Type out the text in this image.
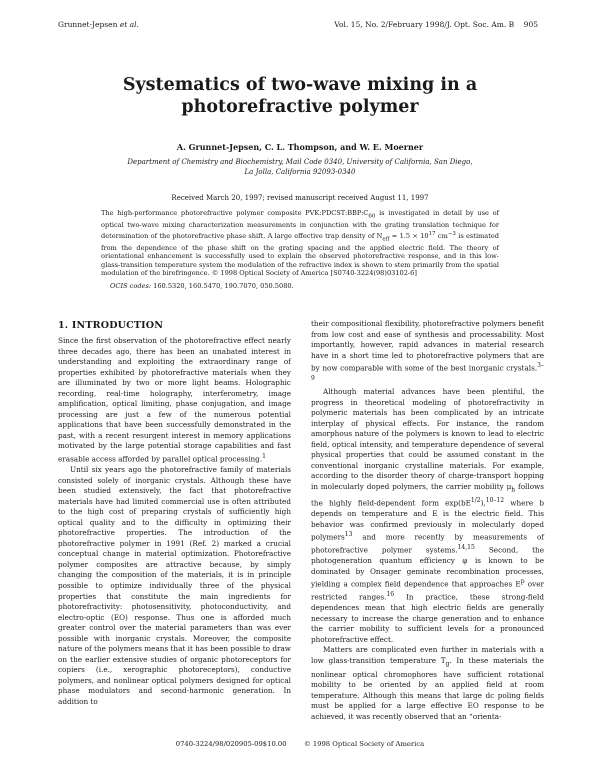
Grunnet-Jepsen et al.	Vol. 15, No. 2/February 1998/J. Opt. Soc. Am. B 905
Systematics of two-wave mixing in a
photorefractive polymer
A. Grunnet-Jepsen, C. L. Thompson, and W. E. Moerner
Department of Chemistry and Biochemistry, Mail Code 0340, University of California, San Diego,
La Jolla, California 92093-0340
Received March 20, 1997; revised manuscript received August 11, 1997
The high-performance photorefractive polymer composite $PVK:PDCST:BBP:C_{60}$ is investigated in detail by use of optical two-wave mixing characterization measurements in conjunction with the grating translation technique for determination of the photorefractive phase shift. A large effective trap density of $N_{eff} = 1.5 \times 10^{17}$ $cm^{-3}$ is estimated from the dependence of the phase shift on the grating spacing and the applied electric field. The theory of orientational enhancement is successfully used to explain the observed photorefractive response, and in this low-glass-transition temperature system the modulation of the refractive index is shown to stem primarily from the spatial modulation of the birefringence. © 1998 Optical Society of America [S0740-3224(98)03102-6]
OCIS codes: 160.5320, 160.5470, 190.7070, 050.5080.
1. INTRODUCTION

Since the first observation of the photorefractive effect nearly three decades ago, there has been an unabated interest in understanding and exploiting the extraordinary range of properties exhibited by photorefractive materials when they are illuminated by two or more light beams. Holographic recording, real-time holography, interferometry, image amplification, optical limiting, phase conjugation, and image processing are just a few of the numerous potential applications that have been successfully demonstrated in the past, with a recent resurgent interest in memory applications motivated by the large potential storage capabilities and fast erasable access afforded by parallel optical processing.$^1$

Until six years ago the photorefractive family of materials consisted solely of inorganic crystals. Although these have been studied extensively, the fact that photorefractive materials have had limited commercial use is often attributed to the high cost of preparing crystals of sufficiently high optical quality and to the difficulty in optimizing their photorefractive properties. The introduction of the photorefractive polymer in 1991 (Ref. 2) marked a crucial conceptual change in material optimization. Photorefractive polymer composites are attractive because, by simply changing the composition of the materials, it is in principle possible to optimize individually three of the physical properties that constitute the main ingredients for photorefractivity: photosensitivity, photoconductivity, and electro-optic (EO) response. Thus one is afforded much greater control over the material parameters than was ever possible with inorganic crystals. Moreover, the composite nature of the polymers means that it has been possible to draw on the earlier extensive studies of organic photoreceptors for copiers (i.e., xerographic photoreceptors), conductive polymers, and nonlinear optical polymers designed for optical phase modulators and second-harmonic generation. In addition to

their compositional flexibility, photorefractive polymers benefit from low cost and ease of synthesis and processability. Most importantly, however, rapid advances in material research have in a short time led to photorefractive polymers that are by now comparable with some of the best inorganic crystals.$^{3-9}$

Although material advances have been plentiful, the progress in theoretical modeling of photorefractivity in polymeric materials has been complicated by an intricate interplay of physical effects. For instance, the random amorphous nature of the polymers is known to lead to electric field, optical intensity, and temperature dependence of several physical properties that could be assumed constant in the conventional inorganic crystalline materials. For example, according to the disorder theory of charge-transport hopping in molecularly doped polymers, the carrier mobility $\mu_h$ follows the highly field-dependent form $\exp(bE^{1/2}),^{10-12}$ where b depends on temperature and E is the electric field. This behavior was confirmed previously in molecularly doped polymers$^{13}$ and more recently by measurements of photorefractive polymer systems.$^{14,15}$ Second, the photogeneration quantum efficiency φ is known to be dominated by Onsager geminate recombination processes, yielding a complex field dependence that approaches $E^p$ over restricted ranges.$^{16}$ In practice, these strong-field dependences mean that high electric fields are generally necessary to increase the charge generation and to enhance the carrier mobility to sufficient levels for a pronounced photorefractive effect.

Matters are complicated even further in materials with a low glass-transition temperature $T_g$. In these materials the nonlinear optical chromophores have sufficient rotational mobility to be oriented by an applied field at room temperature. Although this means that large dc poling fields must be applied for a large effective EO response to be achieved, it was recently observed that an “orienta-

0740-3224/98/020905-09$10.00        © 1998 Optical Society of America
